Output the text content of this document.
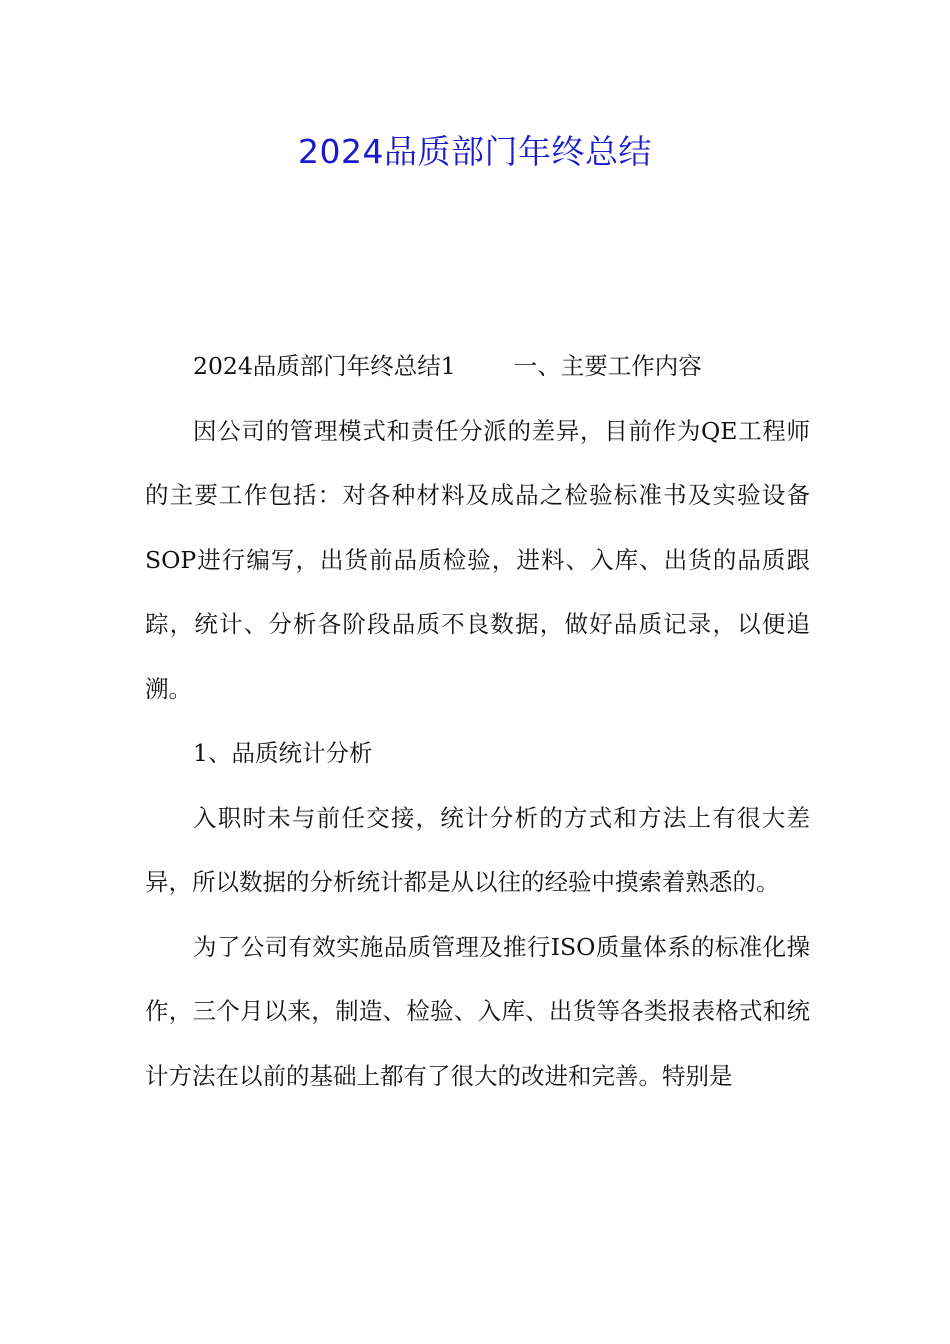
2024品质部门年终总结

2024品质部门年终总结1 一、主要工作内容

因公司的管理模式和责任分派的差异，目前作为QE工程师的主要工作包括：对各种材料及成品之检验标准书及实验设备SOP进行编写，出货前品质检验，进料、入库、出货的品质跟踪，统计、分析各阶段品质不良数据，做好品质记录，以便追溯。

1、品质统计分析

入职时未与前任交接，统计分析的方式和方法上有很大差异，所以数据的分析统计都是从以往的经验中摸索着熟悉的。

为了公司有效实施品质管理及推行ISO质量体系的标准化操作，三个月以来，制造、检验、入库、出货等各类报表格式和统计方法在以前的基础上都有了很大的改进和完善。特别是
